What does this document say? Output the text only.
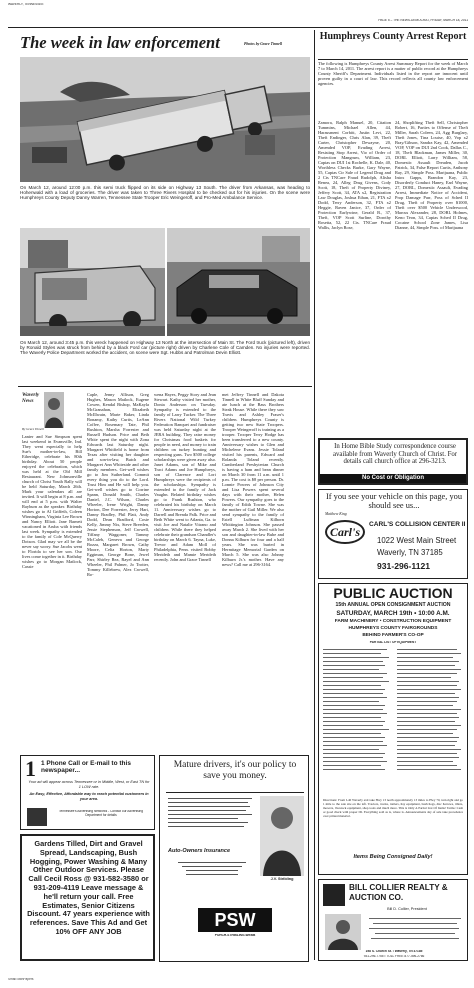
WAVERLY, TENNESSEE
PAGE 5 – THE NEWS-DEMOCRAT, FRIDAY, MARCH 18, 2011
The week in law enforcement	Photos by Grace Tinnell
On March 12, around 12:00 p.m. this semi truck flipped on its side on Highway 13 South. The driver from Arkansas, was heading to Hohenwald with a load of groceries. The driver was taken to Three Rivers Hospital to be checked out for his injuries. On the scene were Humphreys County Deputy Danny Warren, Tennessee State Trooper Eric Weingeroff, and Pro-Med Ambulance Service.
On March 12, around 3:45 p.m. this wreck happened on Highway 13 North at the intersection of Main St. The Ford truck (pictured left), driven by Ronald Styles was struck from behind by a black Ford car (picture right) driven by Charlene Cole of Camden. No injuries were reported. The Waverly Police Department worked the accident, on scene were Sgt. Hubbs and Patrolman Devin Elliott.
Waverly News
By Grace Tinnell
Lanier and Sue Simpson spent last weekend in Evansville, Ind. They went especially to help Sue's mother-in-law, Bill Etheridge, celebrate his 80th birthday. About 50 people enjoyed the celebration, which was held at the Old Mill Restaurant. New Johnsonville church of Christ Youth Rally will be held Saturday, March 26th. Mark your calendars all are invited. It will begin at 8 p.m. and will end at 5 p.m. with Walter Rayburn as the speaker. Birthday wishes go to Al Griffeth, Coleen Winningham, Virginia Lee Brown and Nancy Elliott. Jane Barnett vacationed in Aruba with friends last week. Sympathy is extended to the family of Cole McQuerry Dotson. Glad may we all be the never say worry. Sue Jacobs went to Florida to see her son. Our lives come together in it. Birthday wishes go to Morgan Matlock, Cassie
Caple, Jenny Allison, Greg Hughes, Mason Matlock, Eugene Cowen, Kendal Bishop, MaKayla McGranahan, Elizabeth McIllwain, Marie Baker, Linda Bonamy, Kathy Curtis, LeAnn Coffee, Rosemary Tate, Phil Rushton, Marsha Forrester and Russell Hudson. Price and Beth White spent the night with Zona Edwards last Saturday night. Margaret Whitfield is home from Texas after visiting her daughter and son-in-law, Butch and Margaret Ann Whiteside and other family members. Get-well wishes go to Jim Sutherland. Commit every thing you do to the Lord. Trust Him and He will help you. Get-well wishes go to Corrine Spann, Donald Smith, Charles Daniel, J.C. Wilson, Charles Wheeler, Irene Wright, Danny Horton, Dee Forrester, Jerry Hart, Danny Bradley, Phil Platt, Andy Dodd, Dean Bradford, Cosie Kelly, Jimmy Nix, Steve Breeden, Jessie Stephenson, Jeff Crowell, Tiffany Waggoner, Tammy McCaleb, Geneva and George Bozza, Margaret Brown, Cathy Moore, Celia Horton, Marty Eggiman, George Bone, Jewel Parr, Shirley Rea, Rayel and Ann Wheeler, Phil Palmer, Jo Trotter, Tommy Killebrew, Alex Crowell, Ro-
wena Hayes, Peggy Story and Jean Stewart. Kathy visited her mother, Donia Anderson on Tuesday. Sympathy is extended to the family of Larry Tucker. The Three Rivers National Wild Turkey Federation Banquet and fundraiser was held Saturday night at the JERA building. They raise money for Christmas food baskets for people in need, and money to train children on turkey hunting and respecting guns. Two $500 college scholarships were given away also. Janet Adams, son of Mike and Traci Adams and Joe Humphreys, son of Clarence and Lori Humphreys were the recipients of the scholarships. Sympathy is extended to the family of Jack Vaughn. Belated birthday wishes go to Frank Rushton, who celebrated his birthday on March 11. Anniversary wishes go to Darrell and Brenda Palk. Price and Beth White went to Atlanta, Ga. to visit Joe and Natalie Vitrano and children. While there they helped celebrate their grandson Chandler's birthday on March 6. Tayna, Luke, Trevor and Adam Moll of Philadelphia, Penn. visited Bobby Merideth and Mamie Merideth recently. John and Grace Tinnell
met Jeffrey Tinnell and Dakota Tinnell in White Bluff Sunday and ate lunch at the Bass Brothers Steak House. While there they saw Travis and Ashley Fraser's children. Humphreys County is getting two new State Troopers. Trooper Weingeroff is training as a trooper. Trooper Terry Hodge has been transferred to a new county. Anniversary wishes to Glen and Michelene Evans. Jessie Toland visited his parents, Edward and Rolanda Toland recently. Cumberland Presbyterian Church is having a ham and bean dinner on March 30 from 11 a.m. until 1 p.m. The cost is $8 per person. Dr. Lonnie Powers of Johnson City and Lisa Powers spent several days with their mother, Helen Powers. Our sympathy goes to the family of Edith Towne. She was the mother of Gail Miller. We also send sympathy to the family of Estell Luffman Kilborn Whittington Johnson. She passed away March 2. She lived with her son and daughter-in-law Bube and Donna Kilburn for four and a half years. She was buried in Hermitage Memorial Garden on March 5. She was also Johnny Kilburn Jr.'s mother. Have any news? Call me at 296-3164.
1 1 Phone Call or E-mail to this newspaper...
Your ad will appear across Tennessee or in Middle, West, or East TN for 1 LOW rate.
An Easy, Effective, Affordable way to reach potential customers in your area.
Tennessee's Advertising Networks - Contact our Advertising Department for details
Gardens Tilled, Dirt and Gravel Spread, Landscaping, Bush Hogging, Power Washing & Many Other Outdoor Services. Please Call Cecil Ross @ 931-582-3580 or 931-209-4119 Leave message & he'll return your call. Free Estimates, Senior Citizens Discount. 47 years experience with references. Save This Ad and Get 10% OFF ANY JOB
Mature drivers, it's our policy to save you money.
J.V. Stribling
Auto-Owners Insurance
PSW
PORCH-STRIBLING-WEBB
Humphreys County Arrest Report
The following is Humphreys County Arrest Summary Report for the week of March 7 to March 14, 2011. The arrest report is a matter of public record at the Humphreys County Sheriff's Department. Individuals listed in the report are innocent until proven guilty in a court of law. This record reflects all county law enforcement agencies.
Zamora, Ralph Manuel, 20, Citation Tummins, Michael Allen, 44, Harassment Corbitt, Justin Levi, 22, Theft Endinger, Chris Alan, 39, Theft Carter, Christopher Dewayne, 20, Amended VOP, Evading Arrest, Resisting Stop Arrest, Vio of Order of Protection Mangrum, William, 23, Capias on DUI 1st Rochelle, K. Dale, 40, Worthless Checks Burke, Gary Wayne, 55, Capias Cir Sale of Legend Drug and 2 Cts TNCare Fraud Rudolph, Alisha Renea, 24, Alleg Drug Givens, Cody Scott, 18, Theft of Property Diviney, Jeffery Scott, 34, ATA x2, Registration Law Douglas, Joshua Ethan, 21, FTA x2 Dodd, Terry Anderson, 32, FTA x2 Heggie, Raven Janice, 37, Order of Protection Earlywine, Gerald B., 37, Theft, VOP Scott Surline, Dorothy Rosetta, 52, 22 Cts. TNCare Fraud Wallis, Jaclyn Rose,
24, Shoplifting Theft Sell, Christopher Robert, 16, Parties to Offense of Theft Miller, Sarah Coleen, 24, Agg Burglary, Theft Jones, Tina Louise, 40, Vop x2 Bray/Gibson, Sandra Kay, 42, Amended VOP, VOP on DUI 2nd Cook, Dallas C., 18, Theft Blackman, James Miller, 30, DORL Elliott, Larry William, 58, Domestic Assault Dreaden, Jacob Patrick, 34, False Report Curtis, Anthony Ray, 29, Simple Poss. Marijuana, Public Intox Gapps, Brandon Kay, 23, Disorderly Conduct Haney, Earl Wayne, 27, DORL, Domestic Assault, Evading Arrest, Immediate Notice of Accident, Prop Damage Parr, Poss of Sched II Drug, Theft of Property over $1000, Theft over $500 Vehicle Underwood, Marcus Alexander, 28, DORL Holmes, Keno Teon, 34, Capias Sched II Drug, Cocaine School Zone James, Lisa Dianne, 44, Simple Poss. of Marijuana
In Home Bible Study correspondence course available from Waverly Church of Christ. For details call church office at 296-3213.
No Cost or Obligation
If you see your vehicle on this page, you should see us...
Matthew King
Carl's
CARL'S COLLISION CENTER II
1022 West Main Street
Waverly, TN 37185
931-296-1121
PUBLIC AUCTION
15th ANNUAL OPEN CONSIGNMENT AUCTION
SATURDAY, MARCH 19th • 10:00 A.M.
FARM MACHINERY • CONSTRUCTION EQUIPMENT
HUMPHREYS COUNTY FAIRGROUNDS
BEHIND FARMER'S CO-OP
PARTIAL LIST OF EQUIPMENT
Directions: From I-40 Waverly exit take Hwy 13 north approximately 13 miles to Hwy 70, turn right and go 1 mile to the sale site on the left. Tractors, trucks, trailers, hay equipment, bush hogs, disc harrows, tillers, mowers, livestock equipment, shop tools and much more. This is Only A Partial List Of Items! Terms: Cash or good check with proper ID. Everything sold as is, where is. Announcements day of sale take precedence over printed material.
Items Being Consigned Daily!
BILL COLLIER REALTY & AUCTION CO.
Bill D. Collier, President
198 S. Church St. • Waverly, TN 37185
931-296-7755 • TOLL FREE 877-496-2766
SmallTownPapers
